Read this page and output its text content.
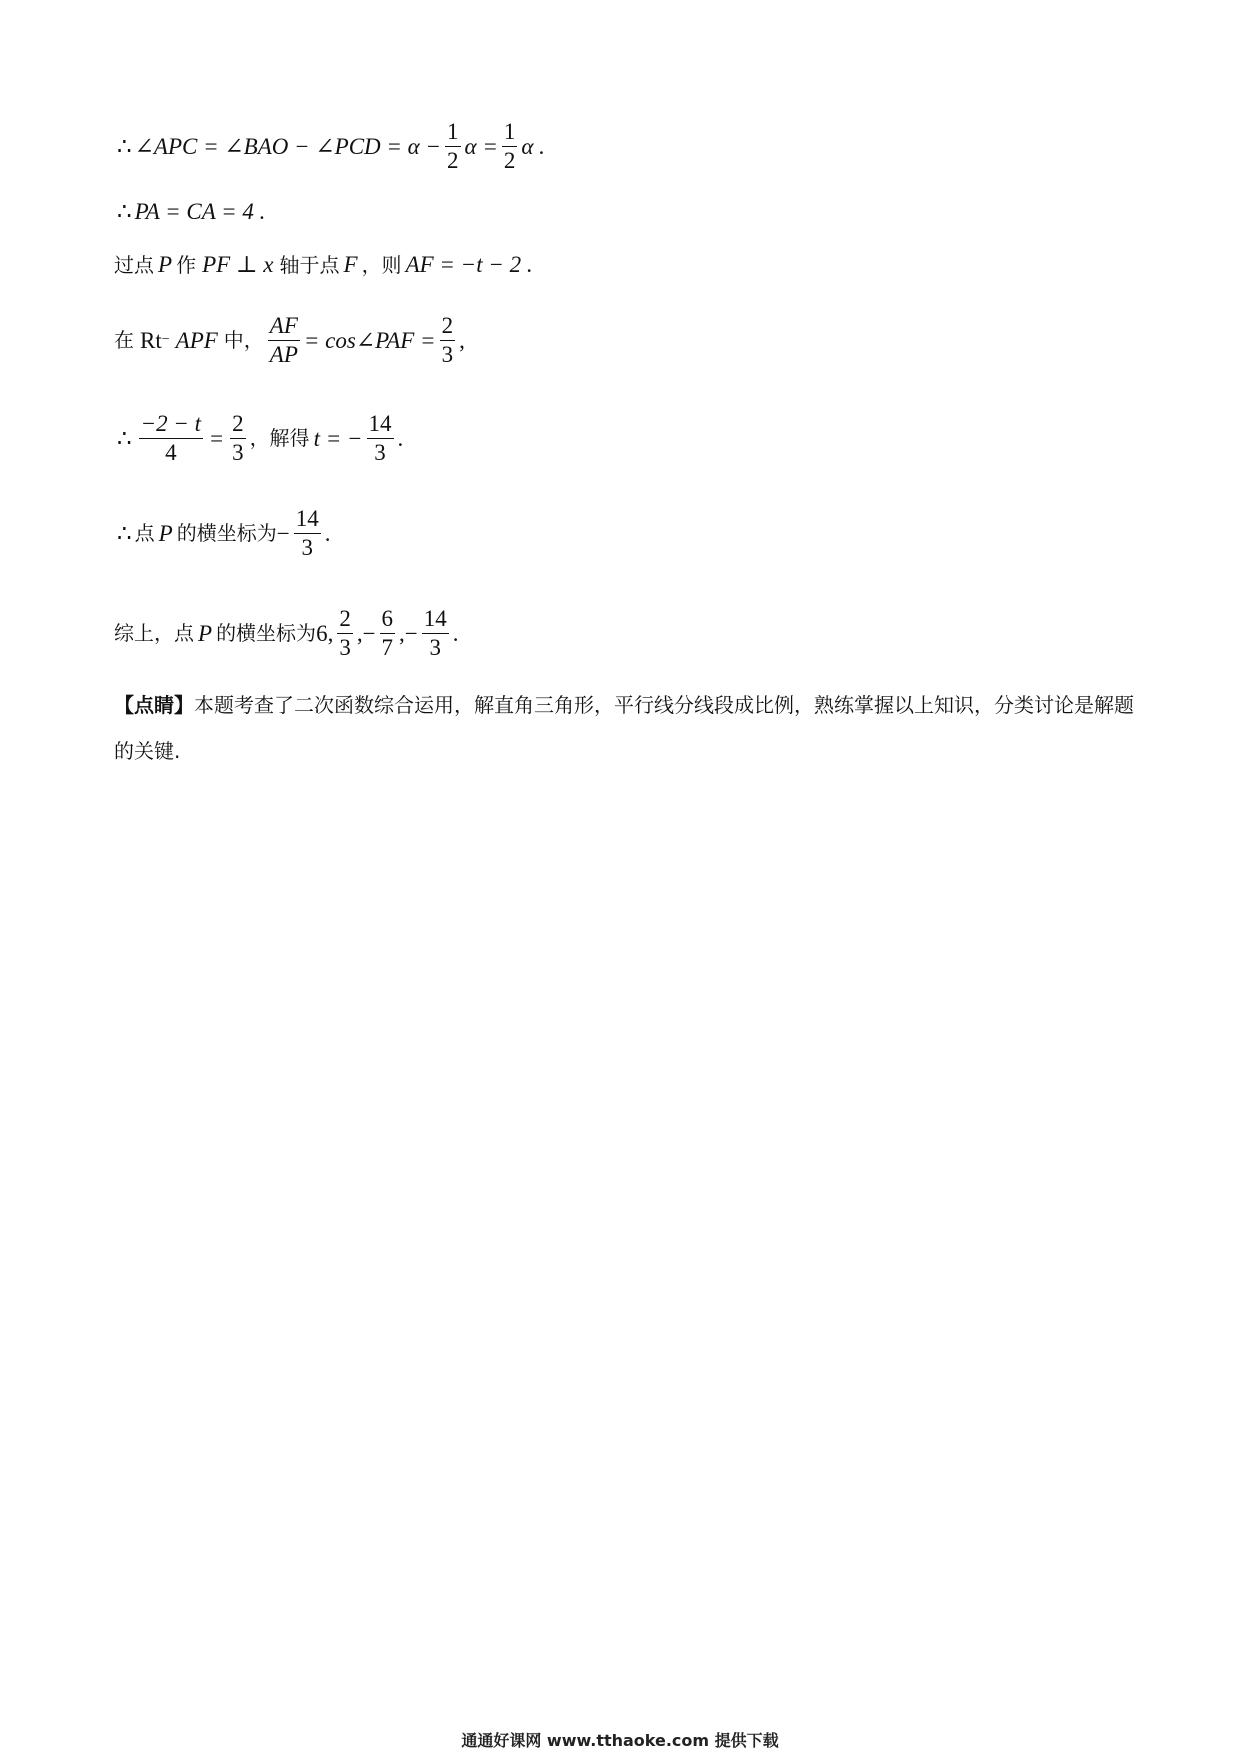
∴ ∠APC = ∠BAO − ∠PCD = $\alpha - \frac{1}{2}$ $\alpha = \frac{1}{2}$ α .
∴ PA = CA = 4 .
过点 P 作 PF ⊥ x 轴于点 F ，则 AF = −t − 2 .
在 Rt − APF 中， $\frac{AF}{AP}$ = cos∠PAF = $\frac{2}{3}$ ,
∴ $\frac{-2 - t}{4} = \frac{2}{3}$ ，解得 t = − $\frac{14}{3}$ .
∴ 点 P 的横坐标为 − $\frac{14}{3}$ .
综上，点 P 的横坐标为 6, $\frac{2}{3}$ ,− $\frac{6}{7}$ ,− $\frac{14}{3}$ .
【点睛】本题考查了二次函数综合运用，解直角三角形，平行线分线段成比例，熟练掌握以上知识，分类讨论是解题的关键.
通通好课网 www.tthaoke.com 提供下载
